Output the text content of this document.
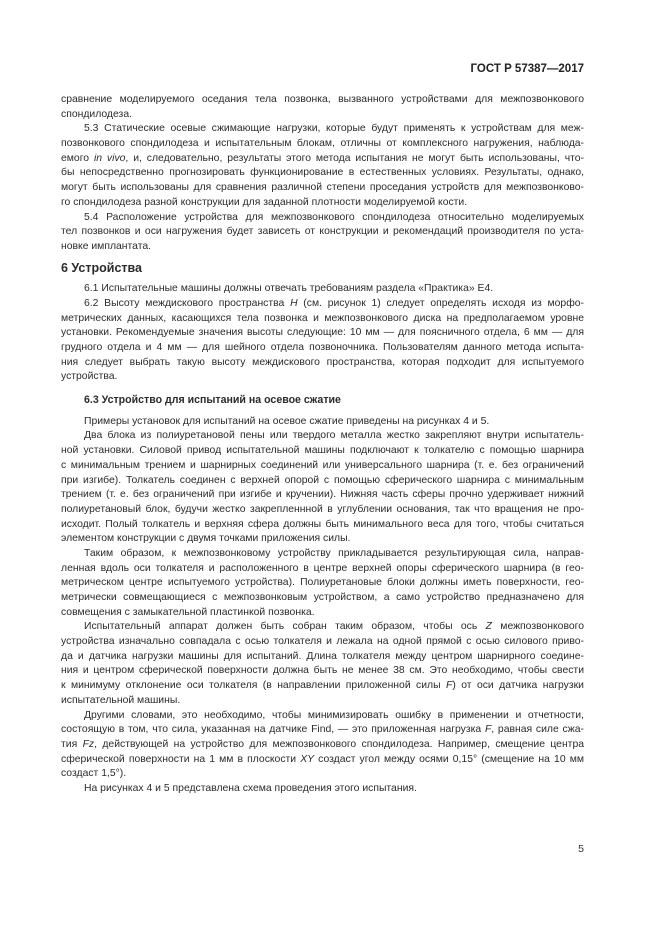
ГОСТ Р 57387—2017
сравнение моделируемого оседания тела позвонка, вызванного устройствами для межпозвонкового
спондилодеза.
5.3 Статические осевые сжимающие нагрузки, которые будут применять к устройствам для меж-
позвонкового спондилодеза и испытательным блокам, отличны от комплексного нагружения, наблюда-
емого in vivo, и, следовательно, результаты этого метода испытания не могут быть использованы, что-
бы непосредственно прогнозировать функционирование в естественных условиях. Результаты, однако,
могут быть использованы для сравнения различной степени проседания устройств для межпозвонково-
го спондилодеза разной конструкции для заданной плотности моделируемой кости.
5.4 Расположение устройства для межпозвонкового спондилодеза относительно моделируемых
тел позвонков и оси нагружения будет зависеть от конструкции и рекомендаций производителя по уста-
новке имплантата.
6 Устройства
6.1 Испытательные машины должны отвечать требованиям раздела «Практика» E4.
6.2 Высоту междискового пространства H (см. рисунок 1) следует определять исходя из морфо-
метрических данных, касающихся тела позвонка и межпозвонкового диска на предполагаемом уровне
установки. Рекомендуемые значения высоты следующие: 10 мм — для поясничного отдела, 6 мм — для
грудного отдела и 4 мм — для шейного отдела позвоночника. Пользователям данного метода испыта-
ния следует выбрать такую высоту междискового пространства, которая подходит для испытуемого
устройства.
6.3 Устройство для испытаний на осевое сжатие
Примеры установок для испытаний на осевое сжатие приведены на рисунках 4 и 5.
Два блока из полиуретановой пены или твердого металла жестко закрепляют внутри испытатель-
ной установки. Силовой привод испытательной машины подключают к толкателю с помощью шарнира
с минимальным трением и шарнирных соединений или универсального шарнира (т. е. без ограничений
при изгибе). Толкатель соединен с верхней опорой с помощью сферического шарнира с минимальным
трением (т. е. без ограничений при изгибе и кручении). Нижняя часть сферы прочно удерживает нижний
полиуретановый блок, будучи жестко закрепленнной в углублении основания, так что вращения не про-
исходит. Полый толкатель и верхняя сфера должны быть минимального веса для того, чтобы считаться
элементом конструкции с двумя точками приложения силы.
Таким образом, к межпозвонковому устройству прикладывается результирующая сила, направ-
ленная вдоль оси толкателя и расположенного в центре верхней опоры сферического шарнира (в гео-
метрическом центре испытуемого устройства). Полиуретановые блоки должны иметь поверхности, гео-
метрически совмещающиеся с межпозвонковым устройством, а само устройство предназначено для
совмещения с замыкательной пластинкой позвонка.
Испытательный аппарат должен быть собран таким образом, чтобы ось Z межпозвонкового
устройства изначально совпадала с осью толкателя и лежала на одной прямой с осью силового приво-
да и датчика нагрузки машины для испытаний. Длина толкателя между центром шарнирного соедине-
ния и центром сферической поверхности должна быть не менее 38 см. Это необходимо, чтобы свести
к минимуму отклонение оси толкателя (в направлении приложенной силы F) от оси датчика нагрузки
испытательной машины.
Другими словами, это необходимо, чтобы минимизировать ошибку в применении и отчетности,
состоящую в том, что сила, указанная на датчике Find, — это приложенная нагрузка F, равная силе сжа-
тия Fz, действующей на устройство для межпозвонкового спондилодеза. Например, смещение центра
сферической поверхности на 1 мм в плоскости XY создаст угол между осями 0,15° (смещение на 10 мм
создаст 1,5°).
На рисунках 4 и 5 представлена схема проведения этого испытания.
5
